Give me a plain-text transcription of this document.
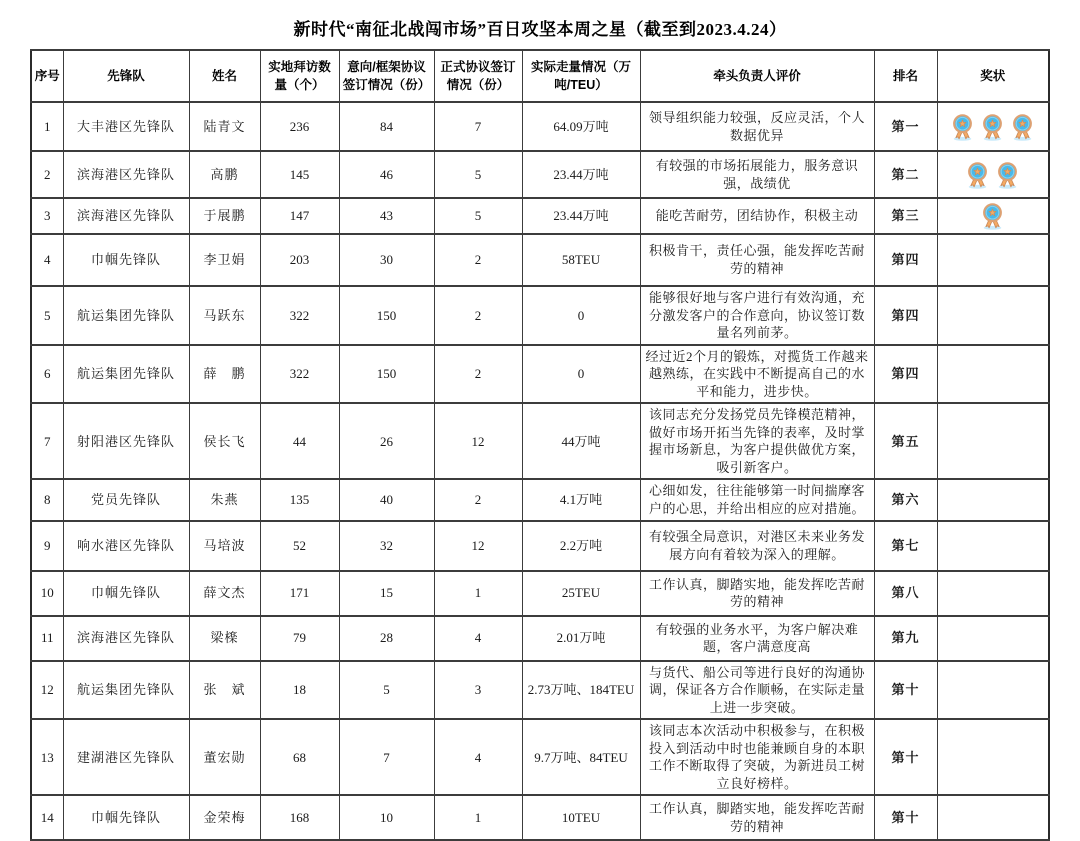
新时代“南征北战闯市场”百日攻坚本周之星（截至到2023.4.24）
序号	先锋队	姓名	实地拜访数量（个）	意向/框架协议签订情况（份）	正式协议签订情况（份）	实际走量情况（万吨/TEU）	牵头负责人评价	排名	奖状
1	大丰港区先锋队	陆青文	236	84	7	64.09万吨	领导组织能力较强，反应灵活，个人数据优异	第一	

2	滨海港区先锋队	高鹏	145	46	5	23.44万吨	有较强的市场拓展能力，服务意识强，战绩优	第二	

3	滨海港区先锋队	于展鹏	147	43	5	23.44万吨	能吃苦耐劳，团结协作，积极主动	第三	

4	巾帼先锋队	李卫娟	203	30	2	58TEU	积极肯干，责任心强，能发挥吃苦耐劳的精神	第四	
5	航运集团先锋队	马跃东	322	150	2	0	能够很好地与客户进行有效沟通，充分激发客户的合作意向，协议签订数量名列前茅。	第四	
6	航运集团先锋队	薛　鹏	322	150	2	0	经过近2个月的锻炼，对揽货工作越来越熟练，在实践中不断提高自己的水平和能力，进步快。	第四	
7	射阳港区先锋队	侯长飞	44	26	12	44万吨	该同志充分发扬党员先锋模范精神，做好市场开拓当先锋的表率，及时掌握市场新息，为客户提供做优方案，吸引新客户。	第五	
8	党员先锋队	朱燕	135	40	2	4.1万吨	心细如发，往往能够第一时间揣摩客户的心思，并给出相应的应对措施。	第六	
9	响水港区先锋队	马培波	52	32	12	2.2万吨	有较强全局意识，对港区未来业务发展方向有着较为深入的理解。	第七	
10	巾帼先锋队	薛文杰	171	15	1	25TEU	工作认真，脚踏实地，能发挥吃苦耐劳的精神	第八	
11	滨海港区先锋队	梁檪	79	28	4	2.01万吨	有较强的业务水平，为客户解决难题，客户满意度高	第九	
12	航运集团先锋队	张　斌	18	5	3	2.73万吨、184TEU	与货代、船公司等进行良好的沟通协调，保证各方合作顺畅，在实际走量上进一步突破。	第十	
13	建湖港区先锋队	董宏勋	68	7	4	9.7万吨、84TEU	该同志本次活动中积极参与，在积极投入到活动中时也能兼顾自身的本职工作不断取得了突破，为新进员工树立良好榜样。	第十	
14	巾帼先锋队	金荣梅	168	10	1	10TEU	工作认真，脚踏实地，能发挥吃苦耐劳的精神	第十	
